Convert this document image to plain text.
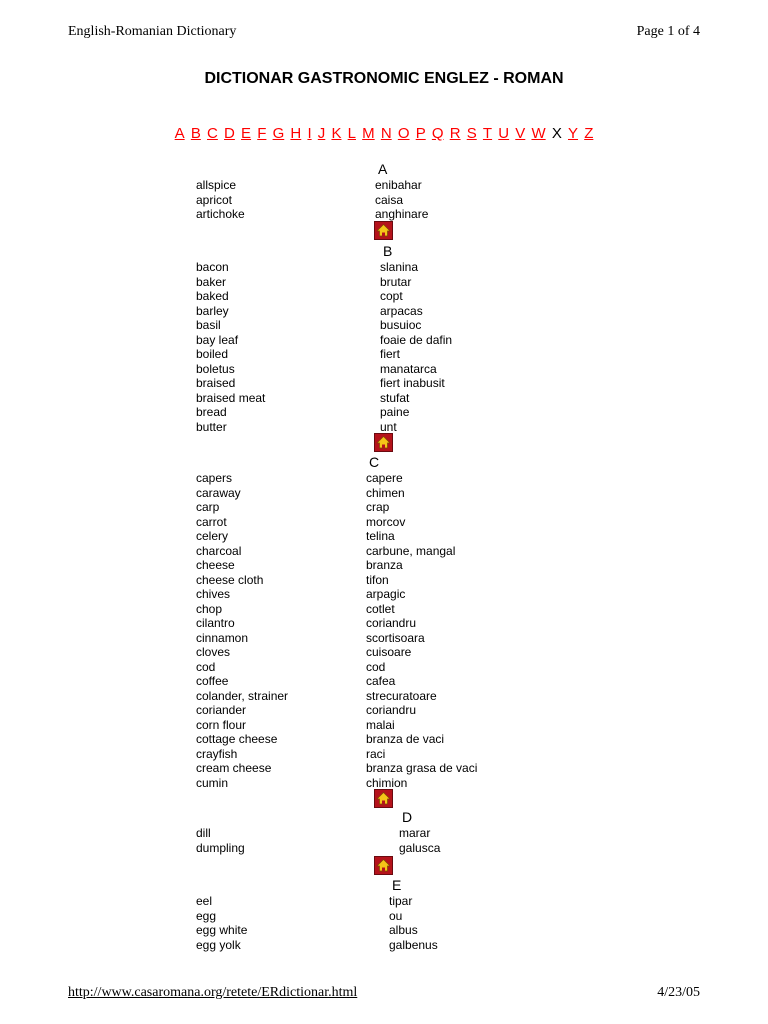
English-Romanian Dictionary	Page 1 of 4
DICTIONAR GASTRONOMIC ENGLEZ - ROMAN
A B C D E F G H I J K L M N O P Q R S T U V W X Y Z
A
allspice	enibahar
apricot	caisa
artichoke	anghinare
B
bacon	slanina
baker	brutar
baked	copt
barley	arpacas
basil	busuioc
bay leaf	foaie de dafin
boiled	fiert
boletus	manatarca
braised	fiert inabusit
braised meat	stufat
bread	paine
butter	unt
C
capers	capere
caraway	chimen
carp	crap
carrot	morcov
celery	telina
charcoal	carbune, mangal
cheese	branza
cheese cloth	tifon
chives	arpagic
chop	cotlet
cilantro	coriandru
cinnamon	scortisoara
cloves	cuisoare
cod	cod
coffee	cafea
colander, strainer	strecuratoare
coriander	coriandru
corn flour	malai
cottage cheese	branza de vaci
crayfish	raci
cream cheese	branza grasa de vaci
cumin	chimion
D
dill	marar
dumpling	galusca
E
eel	tipar
egg	ou
egg white	albus
egg yolk	galbenus
http://www.casaromana.org/retete/ERdictionar.html	4/23/05
